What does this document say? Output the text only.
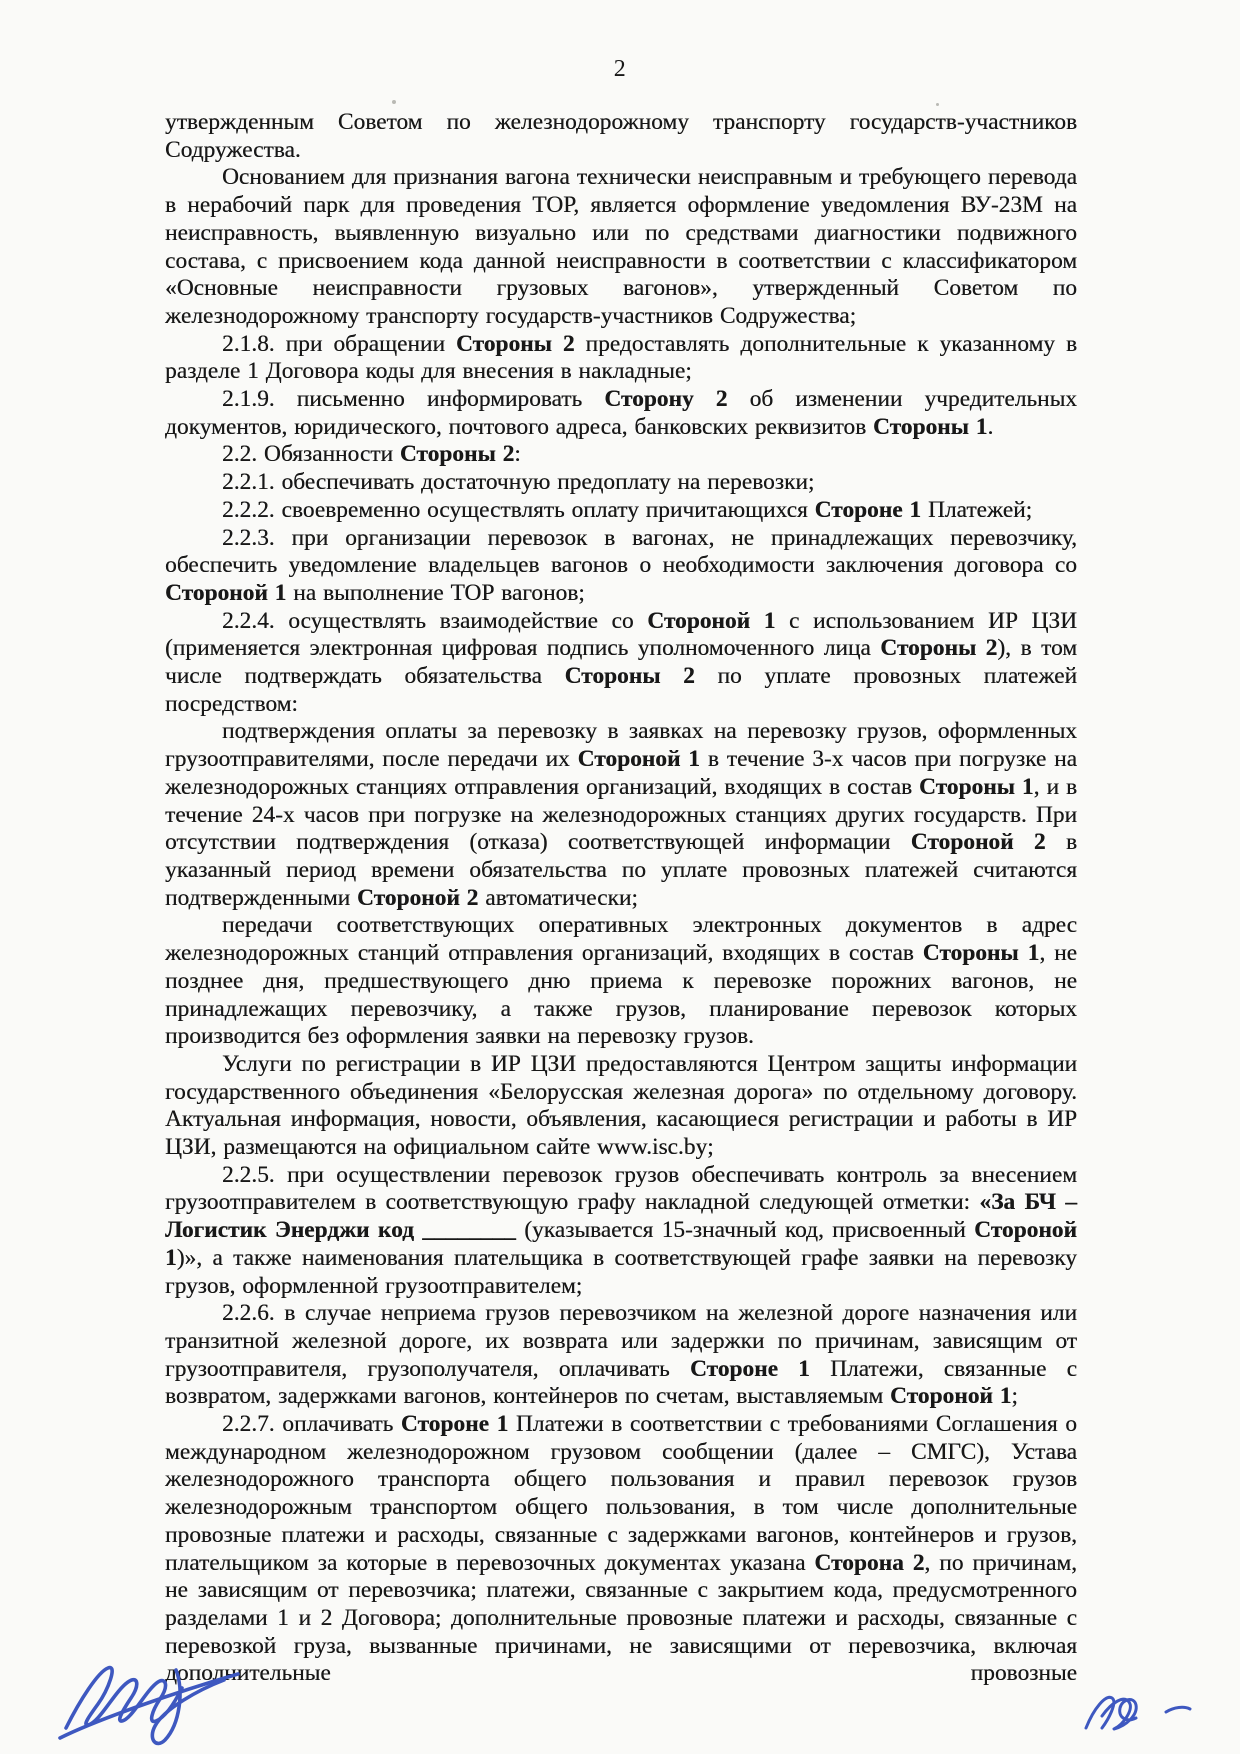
2

утвержденным Советом по железнодорожному транспорту государств-участников Содружества.

Основанием для признания вагона технически неисправным и требующего перевода в нерабочий парк для проведения ТОР, является оформление уведомления ВУ-23М на неисправность, выявленную визуально или по средствами диагностики подвижного состава, с присвоением кода данной неисправности в соответствии с классификатором «Основные неисправности грузовых вагонов», утвержденный Советом по железнодорожному транспорту государств-участников Содружества;

2.1.8. при обращении Стороны 2 предоставлять дополнительные к указанному в разделе 1 Договора коды для внесения в накладные;

2.1.9. письменно информировать Сторону 2 об изменении учредительных документов, юридического, почтового адреса, банковских реквизитов Стороны 1.

2.2. Обязанности Стороны 2:

2.2.1. обеспечивать достаточную предоплату на перевозки;

2.2.2. своевременно осуществлять оплату причитающихся Стороне 1 Платежей;

2.2.3. при организации перевозок в вагонах, не принадлежащих перевозчику, обеспечить уведомление владельцев вагонов о необходимости заключения договора со Стороной 1 на выполнение ТОР вагонов;

2.2.4. осуществлять взаимодействие со Стороной 1 с использованием ИР ЦЗИ (применяется электронная цифровая подпись уполномоченного лица Стороны 2), в том числе подтверждать обязательства Стороны 2 по уплате провозных платежей посредством:

подтверждения оплаты за перевозку в заявках на перевозку грузов, оформленных грузоотправителями, после передачи их Стороной 1 в течение 3-х часов при погрузке на железнодорожных станциях отправления организаций, входящих в состав Стороны 1, и в течение 24-х часов при погрузке на железнодорожных станциях других государств. При отсутствии подтверждения (отказа) соответствующей информации Стороной 2 в указанный период времени обязательства по уплате провозных платежей считаются подтвержденными Стороной 2 автоматически;

передачи соответствующих оперативных электронных документов в адрес железнодорожных станций отправления организаций, входящих в состав Стороны 1, не позднее дня, предшествующего дню приема к перевозке порожних вагонов, не принадлежащих перевозчику, а также грузов, планирование перевозок которых производится без оформления заявки на перевозку грузов.

Услуги по регистрации в ИР ЦЗИ предоставляются Центром защиты информации государственного объединения «Белорусская железная дорога» по отдельному договору. Актуальная информация, новости, объявления, касающиеся регистрации и работы в ИР ЦЗИ, размещаются на официальном сайте www.isc.by;

2.2.5. при осуществлении перевозок грузов обеспечивать контроль за внесением грузоотправителем в соответствующую графу накладной следующей отметки: «За БЧ – Логистик Энерджи код ________ (указывается 15-значный код, присвоенный Стороной 1)», а также наименования плательщика в соответствующей графе заявки на перевозку грузов, оформленной грузоотправителем;

2.2.6. в случае неприема грузов перевозчиком на железной дороге назначения или транзитной железной дороге, их возврата или задержки по причинам, зависящим от грузоотправителя, грузополучателя, оплачивать Стороне 1 Платежи, связанные с возвратом, задержками вагонов, контейнеров по счетам, выставляемым Стороной 1;

2.2.7. оплачивать Стороне 1 Платежи в соответствии с требованиями Соглашения о международном железнодорожном грузовом сообщении (далее – СМГС), Устава железнодорожного транспорта общего пользования и правил перевозок грузов железнодорожным транспортом общего пользования, в том числе дополнительные провозные платежи и расходы, связанные с задержками вагонов, контейнеров и грузов, плательщиком за которые в перевозочных документах указана Сторона 2, по причинам, не зависящим от перевозчика; платежи, связанные с закрытием кода, предусмотренного разделами 1 и 2 Договора; дополнительные провозные платежи и расходы, связанные с перевозкой груза, вызванные причинами, не зависящими от перевозчика, включая дополнительные провозные
